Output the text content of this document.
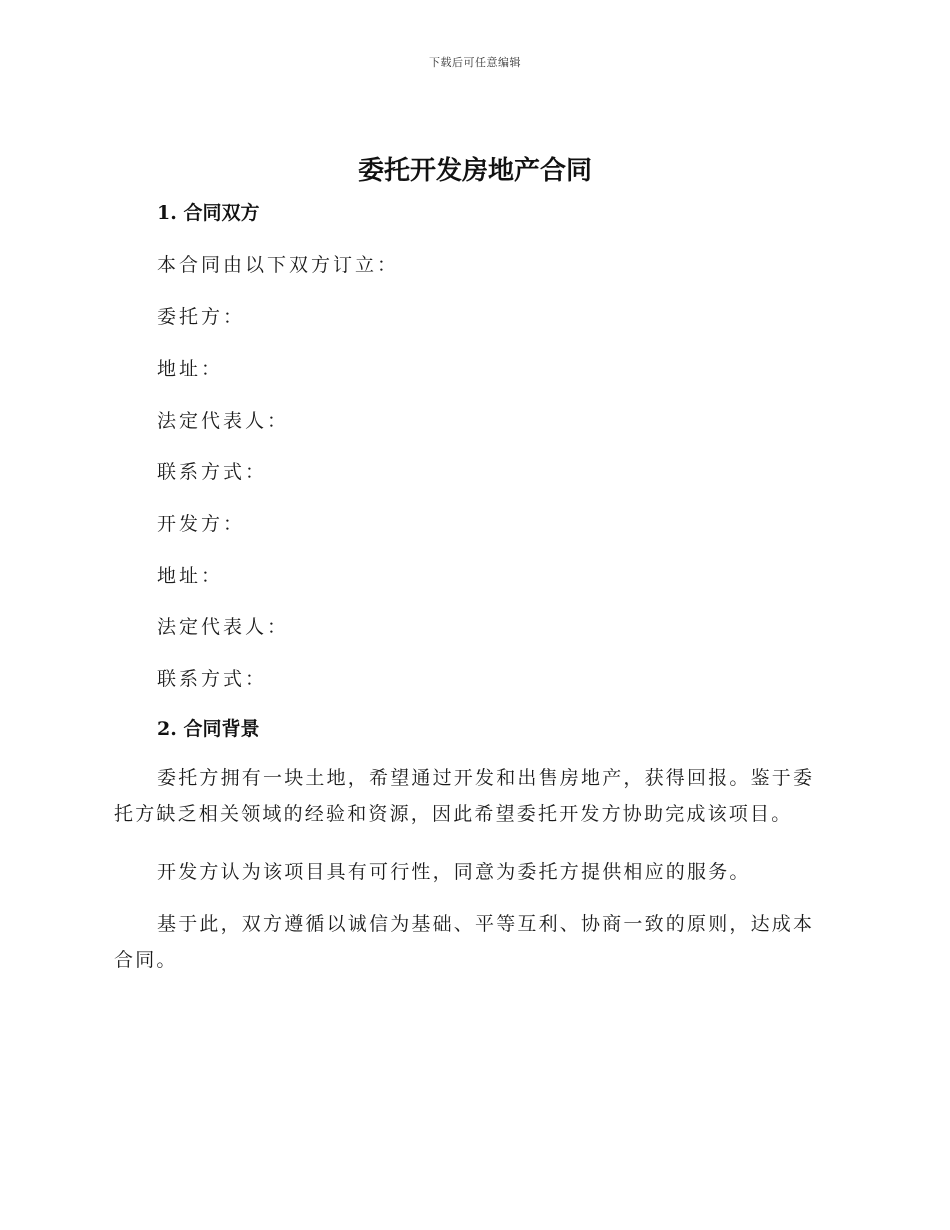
下载后可任意编辑
委托开发房地产合同
1. 合同双方

本合同由以下双方订立：

委托方：

地址：

法定代表人：

联系方式：

开发方：

地址：

法定代表人：

联系方式：

2. 合同背景

委托方拥有一块土地，希望通过开发和出售房地产，获得回报。鉴于委托方缺乏相关领域的经验和资源，因此希望委托开发方协助完成该项目。

开发方认为该项目具有可行性，同意为委托方提供相应的服务。

基于此，双方遵循以诚信为基础、平等互利、协商一致的原则，达成本合同。
